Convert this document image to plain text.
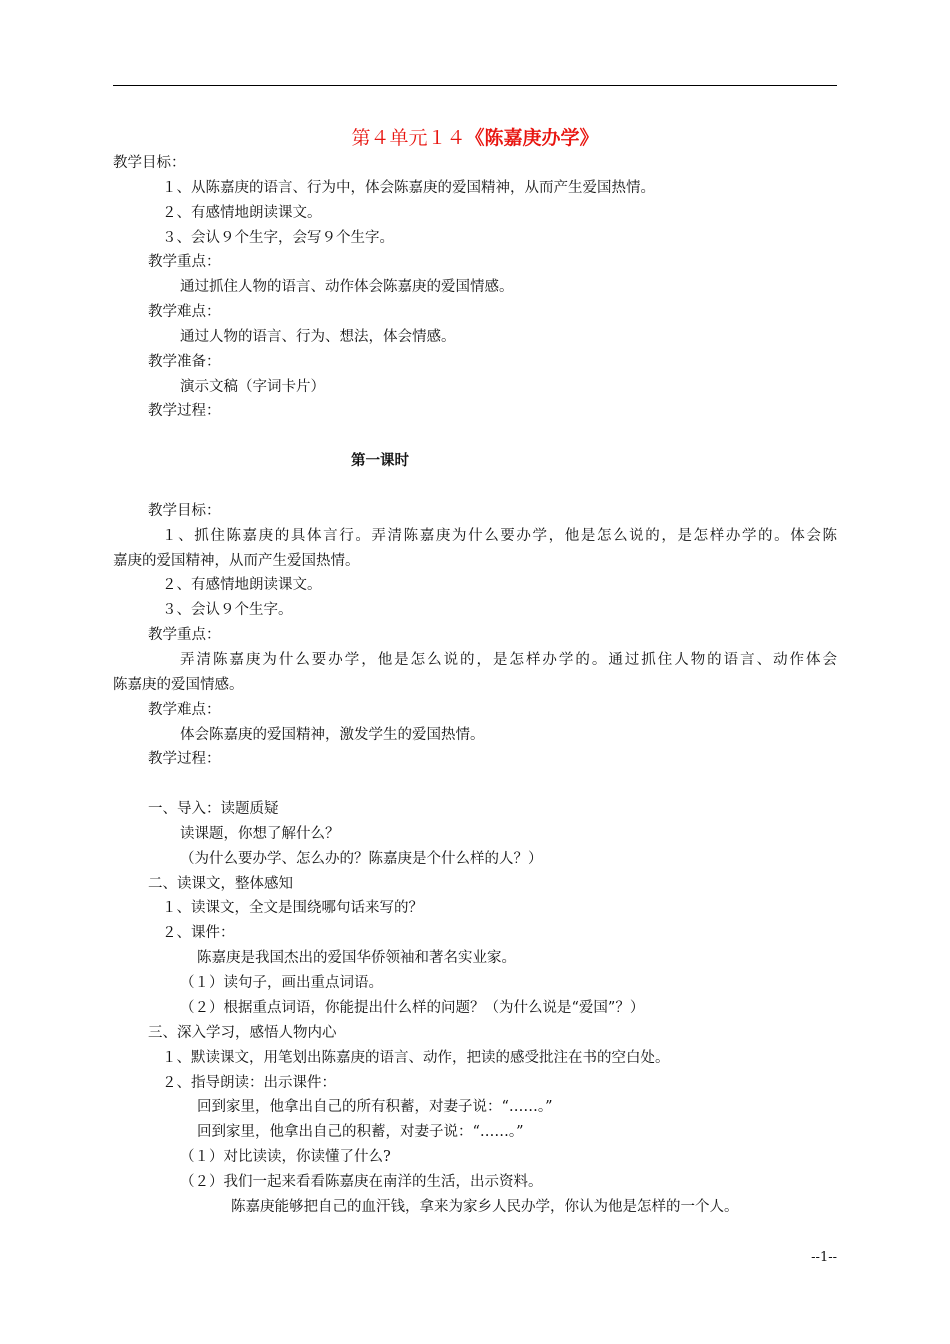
第４单元１４《陈嘉庚办学》
教学目标：
１、从陈嘉庚的语言、行为中，体会陈嘉庚的爱国精神，从而产生爱国热情。
２、有感情地朗读课文。
３、会认９个生字，会写９个生字。
教学重点：
通过抓住人物的语言、动作体会陈嘉庚的爱国情感。
教学难点：
通过人物的语言、行为、想法，体会情感。
教学准备：
演示文稿（字词卡片）
教学过程：
第一课时
教学目标：
１、抓住陈嘉庚的具体言行。弄清陈嘉庚为什么要办学，他是怎么说的，是怎样办学的。体会陈
嘉庚的爱国精神，从而产生爱国热情。
２、有感情地朗读课文。
３、会认９个生字。
教学重点：
弄清陈嘉庚为什么要办学，他是怎么说的，是怎样办学的。通过抓住人物的语言、动作体会
陈嘉庚的爱国情感。
教学难点：
体会陈嘉庚的爱国精神，激发学生的爱国热情。
教学过程：
一、导入：读题质疑
读课题，你想了解什么？
（为什么要办学、怎么办的？陈嘉庚是个什么样的人？）
二、读课文，整体感知
１、读课文，全文是围绕哪句话来写的？
２、课件：
陈嘉庚是我国杰出的爱国华侨领袖和著名实业家。
（１）读句子，画出重点词语。
（２）根据重点词语，你能提出什么样的问题？（为什么说是“爱国”？）
三、深入学习，感悟人物内心
１、默读课文，用笔划出陈嘉庚的语言、动作，把读的感受批注在书的空白处。
２、指导朗读：出示课件：
回到家里，他拿出自己的所有积蓄，对妻子说：“……。”
回到家里，他拿出自己的积蓄，对妻子说：“……。”
（１）对比读读，你读懂了什么?
（２）我们一起来看看陈嘉庚在南洋的生活，出示资料。
陈嘉庚能够把自己的血汗钱，拿来为家乡人民办学，你认为他是怎样的一个人。
--1--
